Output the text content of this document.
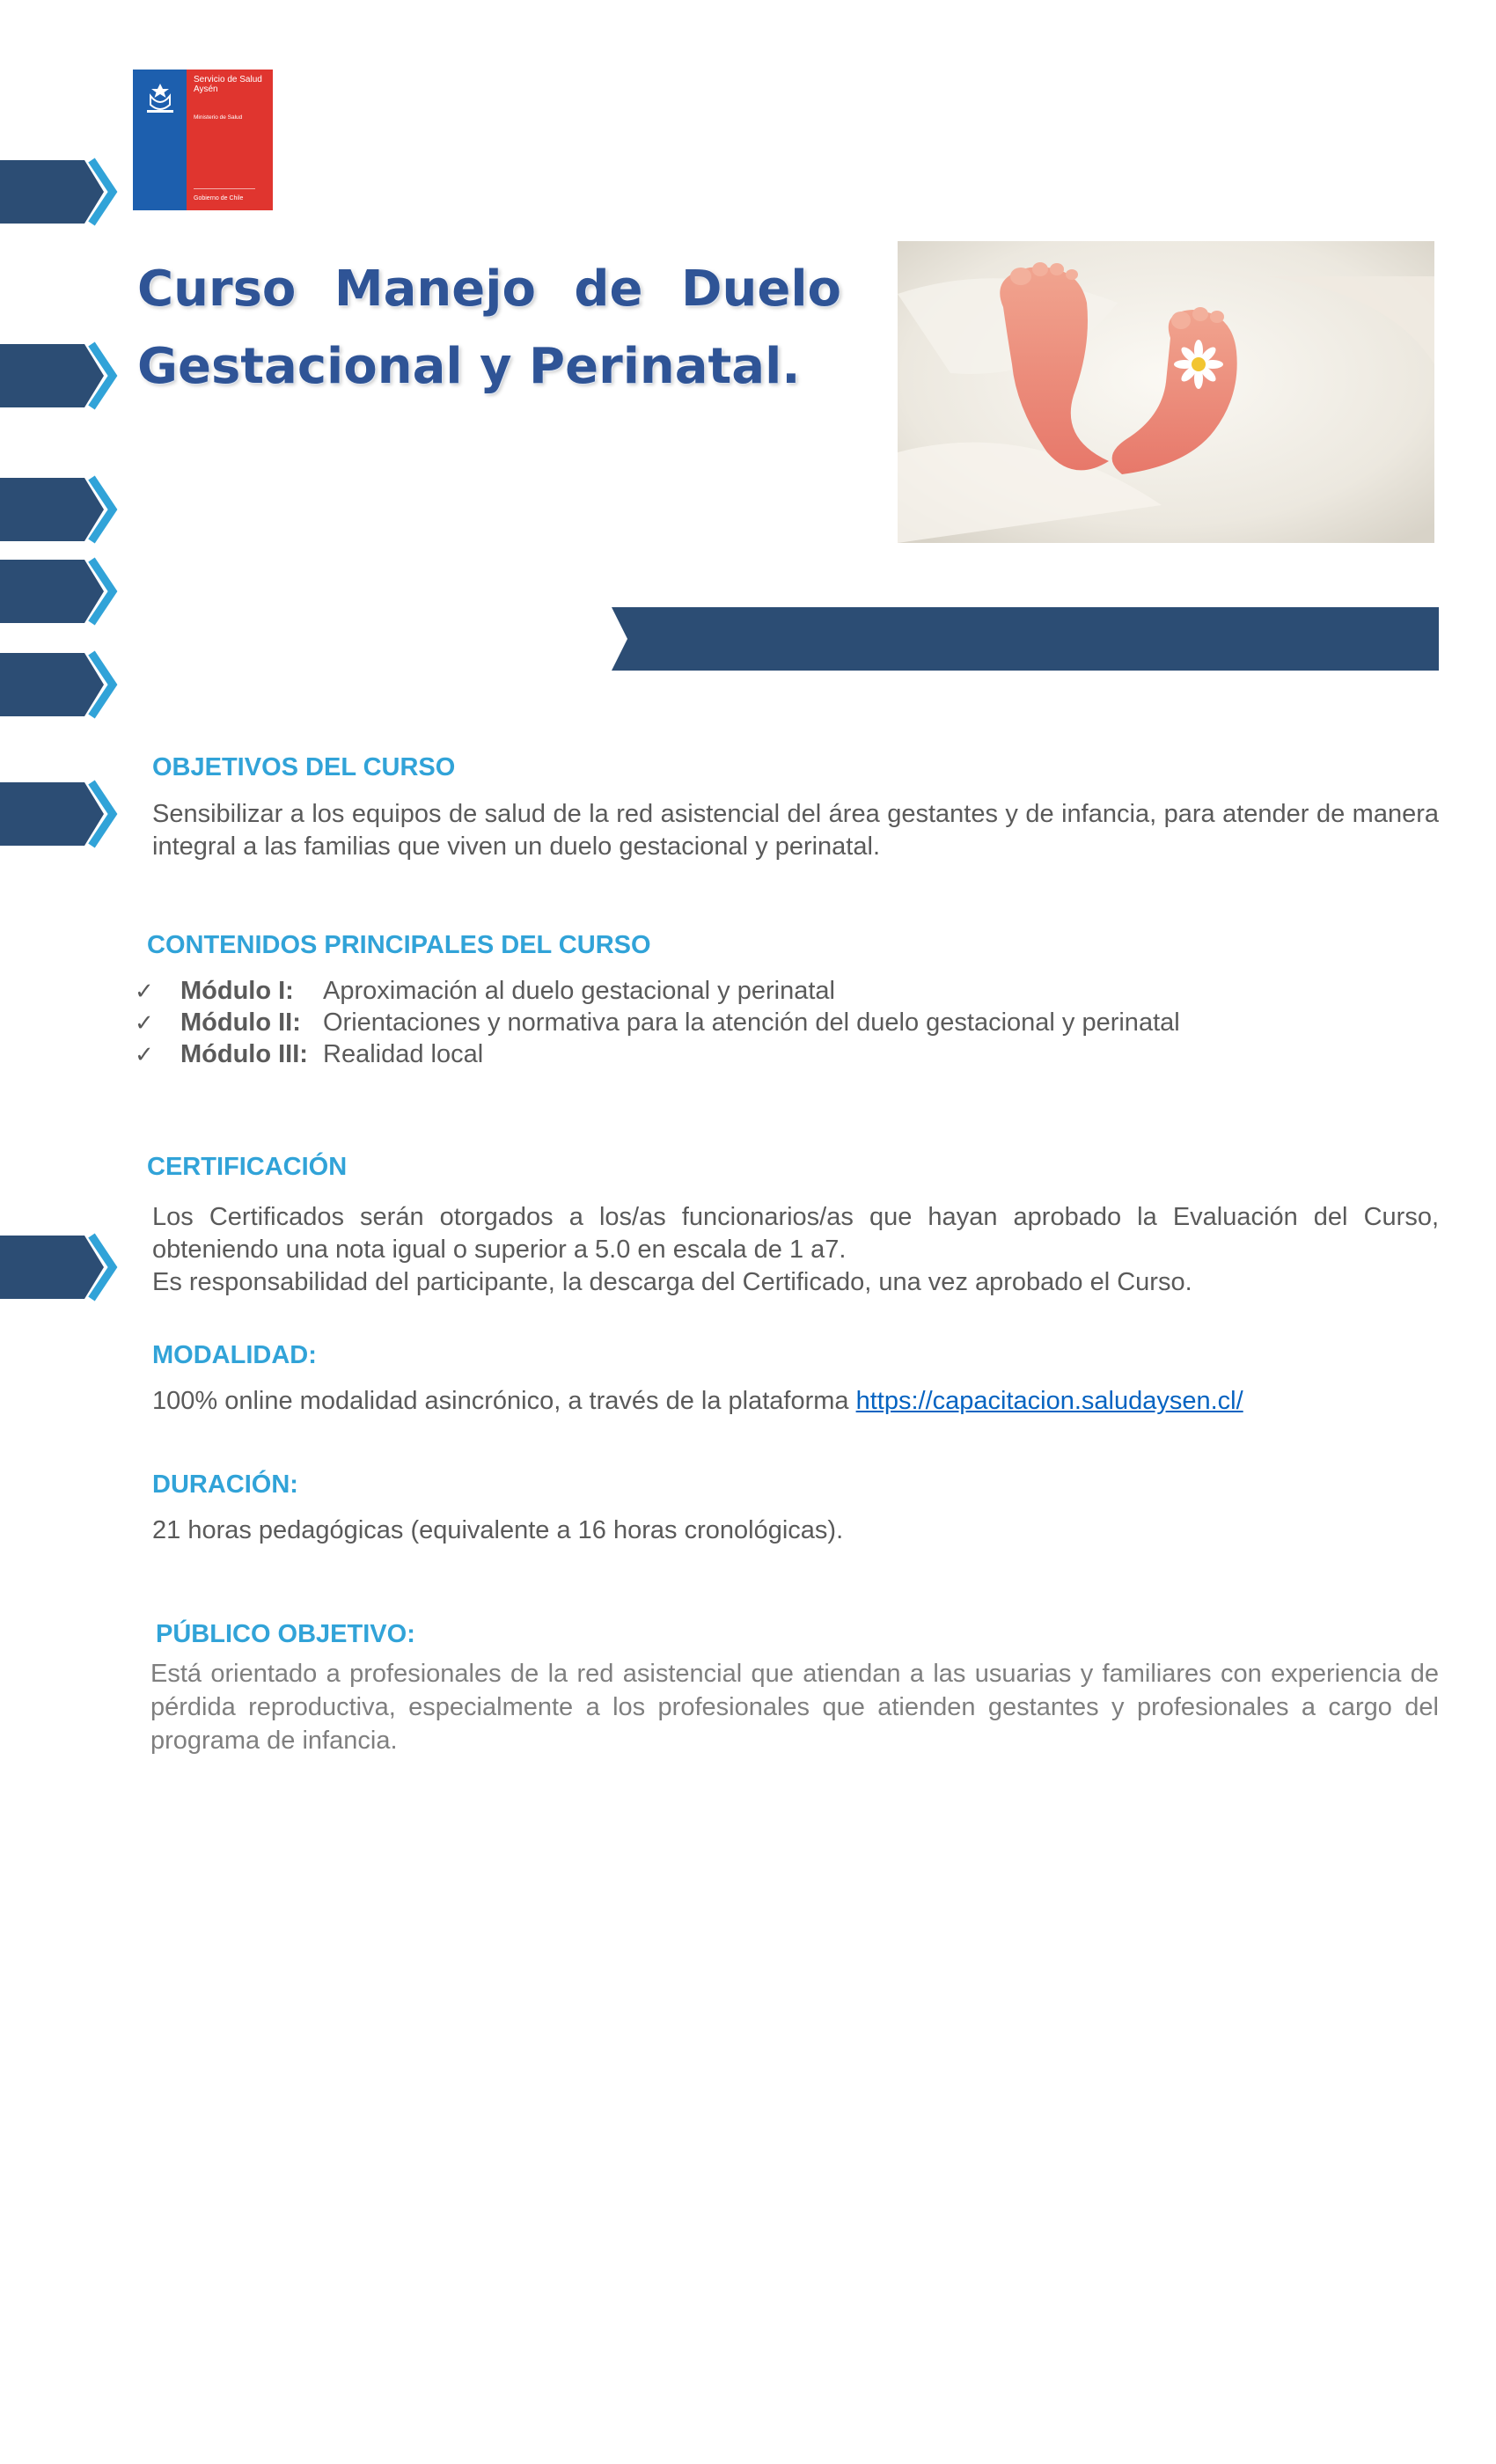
Servicio de Salud Aysén
Ministerio de Salud
Gobierno de Chile
Curso Manejo de Duelo
Gestacional y Perinatal.
OBJETIVOS DEL CURSO
Sensibilizar a los equipos de salud de la red asistencial del área gestantes y de infancia, para atender de manera integral a las familias que viven un duelo gestacional y perinatal.
CONTENIDOS PRINCIPALES DEL CURSO
✓	Módulo I:	Aproximación al duelo gestacional y perinatal
✓	Módulo II: Orientaciones y normativa para la atención del duelo gestacional y perinatal
✓	Módulo III: Realidad local
CERTIFICACIÓN
Los Certificados serán otorgados a los/as funcionarios/as que hayan aprobado la Evaluación del Curso, obteniendo una nota igual o superior a 5.0 en escala de 1 a7.
Es responsabilidad del participante, la descarga del Certificado, una vez aprobado el Curso.
MODALIDAD:
100% online modalidad asincrónico, a través de la plataforma https://capacitacion.saludaysen.cl/
DURACIÓN:
21 horas pedagógicas (equivalente a 16 horas cronológicas).
PÚBLICO OBJETIVO:
Está orientado a profesionales de la red asistencial que atiendan a las usuarias y familiares con experiencia de pérdida reproductiva, especialmente a los profesionales que atienden gestantes y profesionales a cargo del programa de infancia.
